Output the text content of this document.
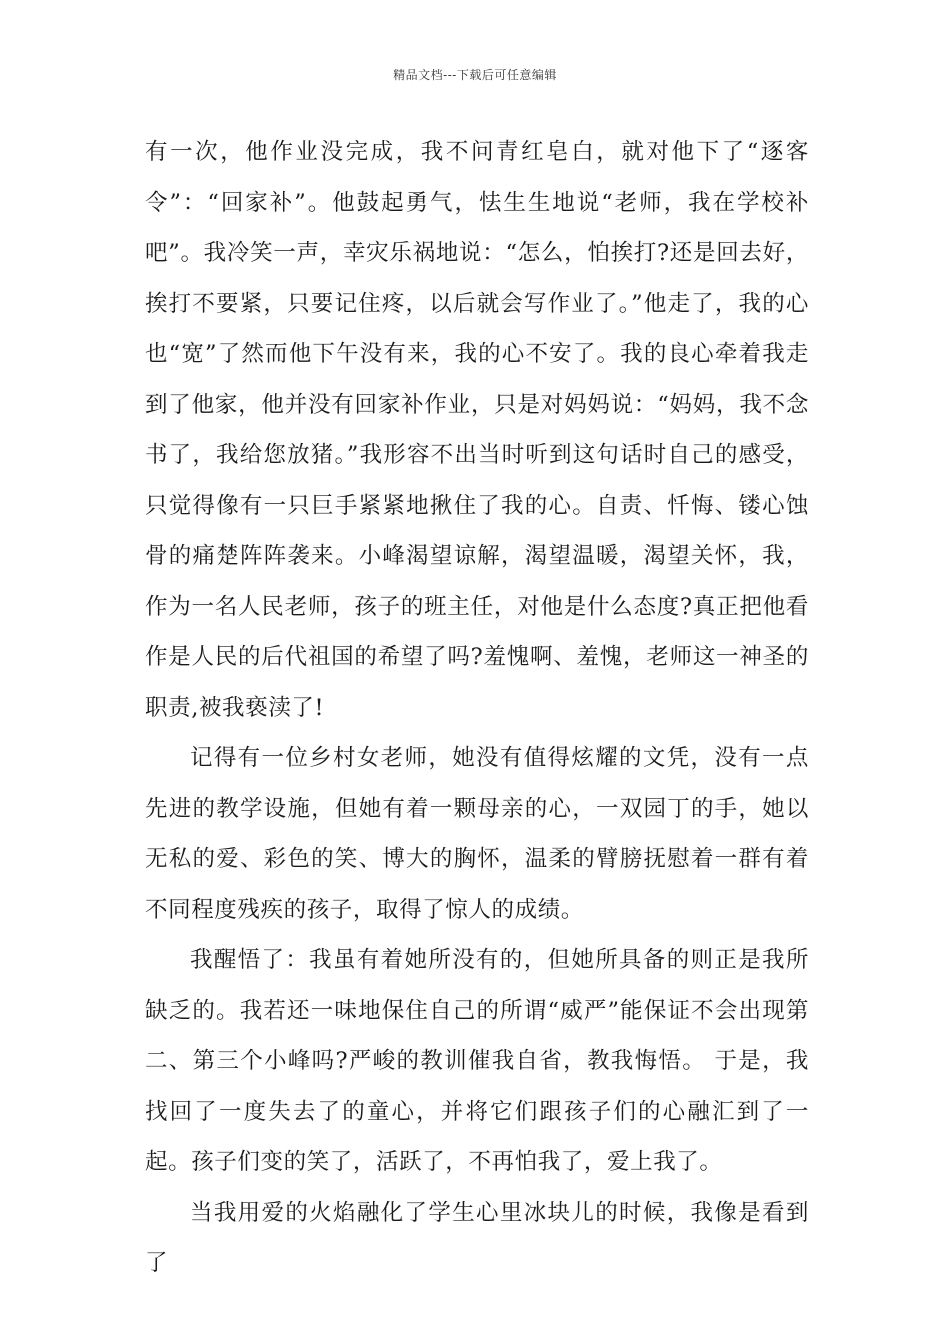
精品文档---下载后可任意编辑

有一次，他作业没完成，我不问青红皂白，就对他下了“逐客令”：“回家补”。他鼓起勇气，怯生生地说“老师，我在学校补吧”。我冷笑一声，幸灾乐祸地说：“怎么，怕挨打?还是回去好，挨打不要紧，只要记住疼，以后就会写作业了。”他走了，我的心也“宽”了然而他下午没有来，我的心不安了。我的良心牵着我走到了他家，他并没有回家补作业，只是对妈妈说：“妈妈，我不念书了，我给您放猪。”我形容不出当时听到这句话时自己的感受，只觉得像有一只巨手紧紧地揪住了我的心。自责、忏悔、镂心蚀骨的痛楚阵阵袭来。小峰渴望谅解，渴望温暖，渴望关怀，我，作为一名人民老师，孩子的班主任，对他是什么态度?真正把他看作是人民的后代祖国的希望了吗?羞愧啊、羞愧，老师这一神圣的职责,被我亵渎了!

记得有一位乡村女老师，她没有值得炫耀的文凭，没有一点先进的教学设施，但她有着一颗母亲的心，一双园丁的手，她以无私的爱、彩色的笑、博大的胸怀，温柔的臂膀抚慰着一群有着不同程度残疾的孩子，取得了惊人的成绩。

我醒悟了：我虽有着她所没有的，但她所具备的则正是我所缺乏的。我若还一味地保住自己的所谓“威严”能保证不会出现第二、第三个小峰吗?严峻的教训催我自省，教我悔悟。 于是，我找回了一度失去了的童心，并将它们跟孩子们的心融汇到了一起。孩子们变的笑了，活跃了，不再怕我了，爱上我了。

当我用爱的火焰融化了学生心里冰块儿的时候，我像是看到了
